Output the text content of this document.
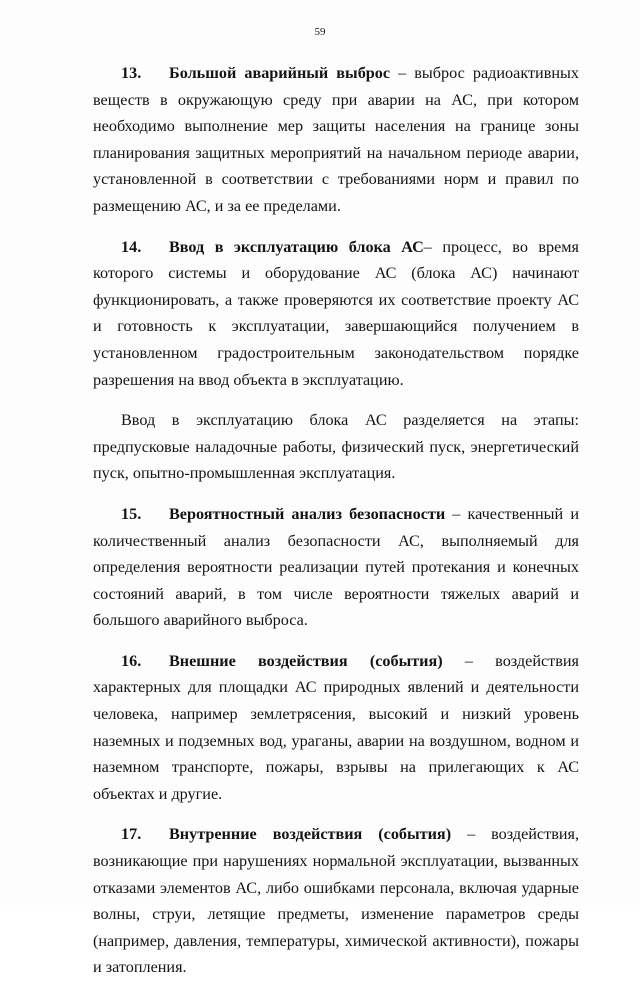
59

13. Большой аварийный выброс – выброс радиоактивных веществ в окружающую среду при аварии на АС, при котором необходимо выполнение мер защиты населения на границе зоны планирования защитных мероприятий на начальном периоде аварии, установленной в соответствии с требованиями норм и правил по размещению АС, и за ее пределами.

14. Ввод в эксплуатацию блока АС– процесс, во время которого системы и оборудование АС (блока АС) начинают функционировать, а также проверяются их соответствие проекту АС и готовность к эксплуатации, завершающийся получением в установленном градостроительным законодательством порядке разрешения на ввод объекта в эксплуатацию.

Ввод в эксплуатацию блока АС разделяется на этапы: предпусковые наладочные работы, физический пуск, энергетический пуск, опытно-промышленная эксплуатация.

15. Вероятностный анализ безопасности – качественный и количественный анализ безопасности АС, выполняемый для определения вероятности реализации путей протекания и конечных состояний аварий, в том числе вероятности тяжелых аварий и большого аварийного выброса.

16. Внешние воздействия (события) – воздействия характерных для площадки АС природных явлений и деятельности человека, например землетрясения, высокий и низкий уровень наземных и подземных вод, ураганы, аварии на воздушном, водном и наземном транспорте, пожары, взрывы на прилегающих к АС объектах и другие.

17. Внутренние воздействия (события) – воздействия, возникающие при нарушениях нормальной эксплуатации, вызванных отказами элементов АС, либо ошибками персонала, включая ударные волны, струи, летящие предметы, изменение параметров среды (например, давления, температуры, химической активности), пожары и затопления.
